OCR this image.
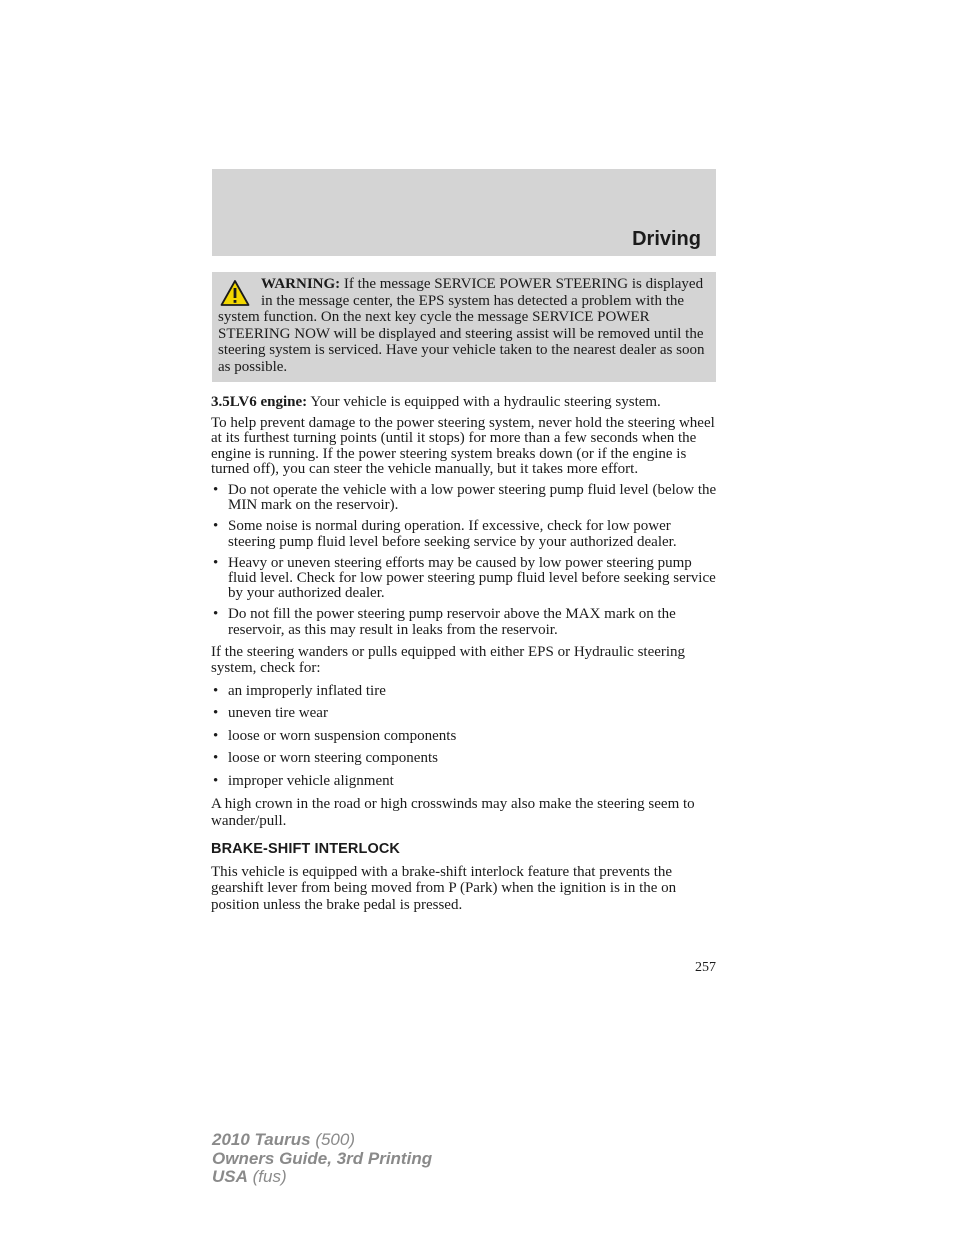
Driving
WARNING: If the message SERVICE POWER STEERING is displayed in the message center, the EPS system has detected a problem with the system function. On the next key cycle the message SERVICE POWER STEERING NOW will be displayed and steering assist will be removed until the steering system is serviced. Have your vehicle taken to the nearest dealer as soon as possible.

3.5LV6 engine: Your vehicle is equipped with a hydraulic steering system.

To help prevent damage to the power steering system, never hold the steering wheel at its furthest turning points (until it stops) for more than a few seconds when the engine is running. If the power steering system breaks down (or if the engine is turned off), you can steer the vehicle manually, but it takes more effort.

• Do not operate the vehicle with a low power steering pump fluid level (below the MIN mark on the reservoir).
• Some noise is normal during operation. If excessive, check for low power steering pump fluid level before seeking service by your authorized dealer.
• Heavy or uneven steering efforts may be caused by low power steering pump fluid level. Check for low power steering pump fluid level before seeking service by your authorized dealer.
• Do not fill the power steering pump reservoir above the MAX mark on the reservoir, as this may result in leaks from the reservoir.

If the steering wanders or pulls equipped with either EPS or Hydraulic steering system, check for:

• an improperly inflated tire
• uneven tire wear
• loose or worn suspension components
• loose or worn steering components
• improper vehicle alignment

A high crown in the road or high crosswinds may also make the steering seem to wander/pull.

BRAKE-SHIFT INTERLOCK

This vehicle is equipped with a brake-shift interlock feature that prevents the gearshift lever from being moved from P (Park) when the ignition is in the on position unless the brake pedal is pressed.

257
2010 Taurus (500)
Owners Guide, 3rd Printing
USA (fus)
